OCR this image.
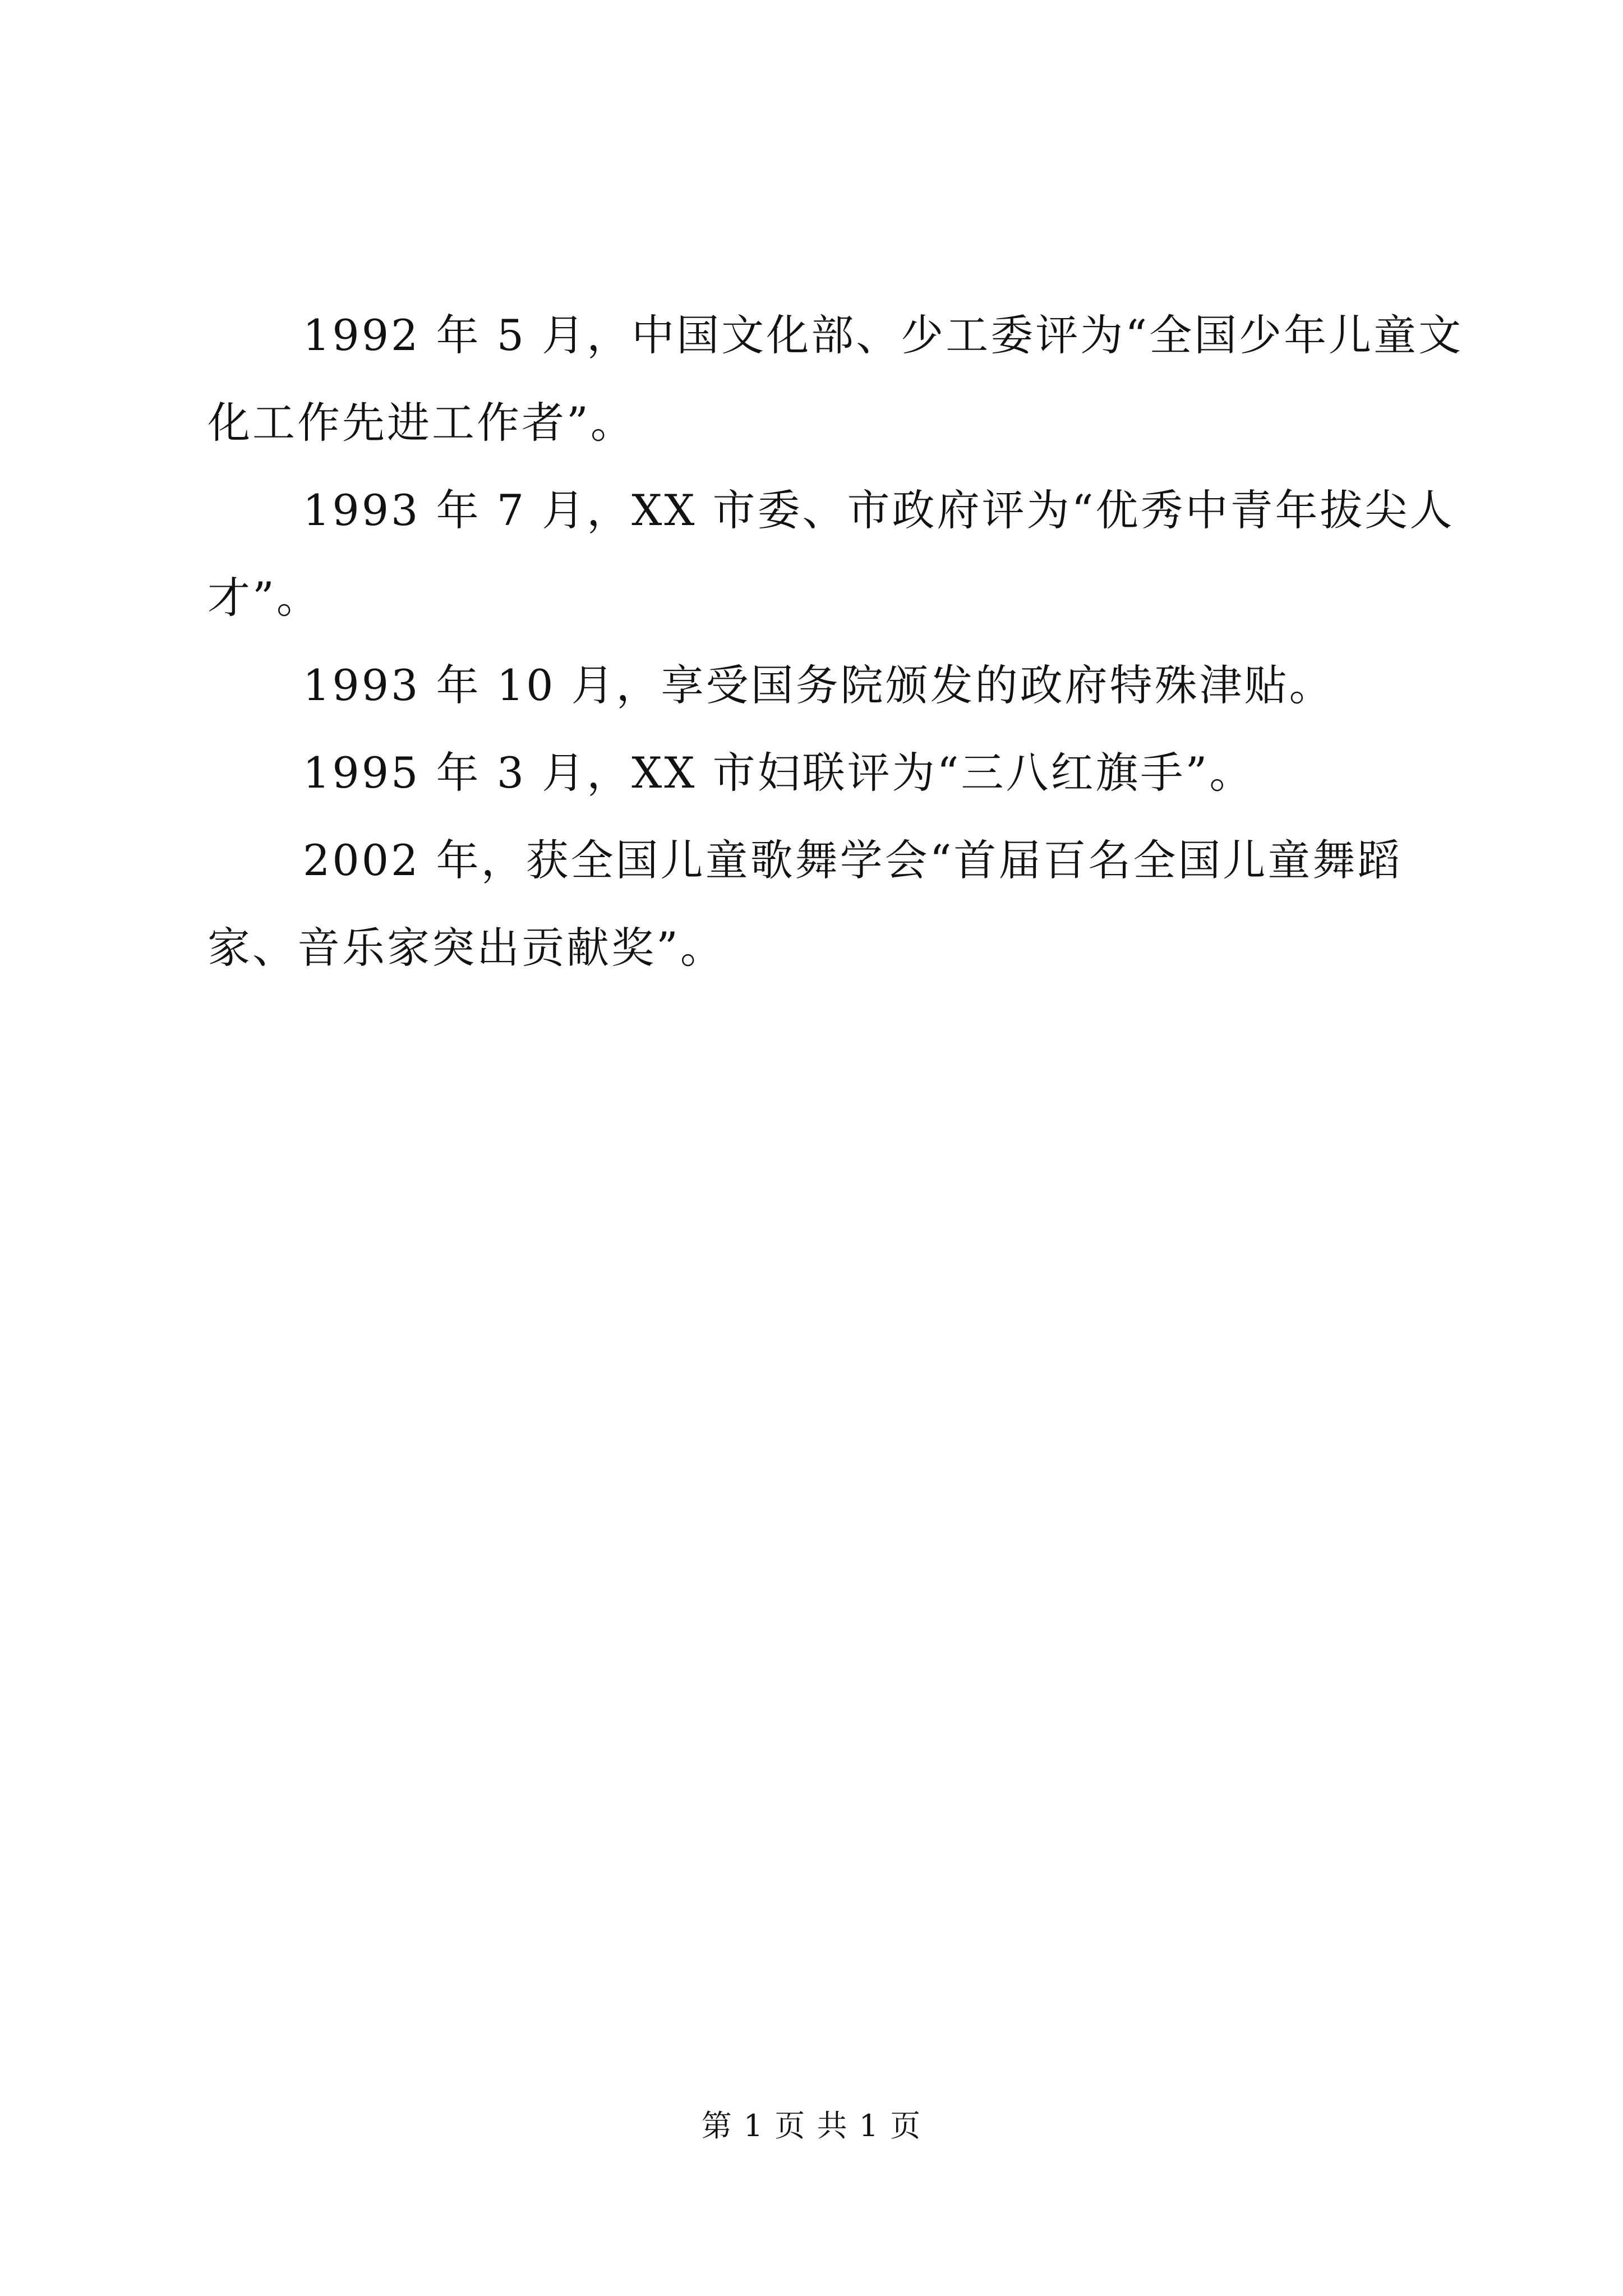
1992 年 5 月，中国文化部、少工委评为“全国少年儿童文化工作先进工作者”。

1993 年 7 月，XX 市委、市政府评为“优秀中青年拔尖人才”。

1993 年 10 月，享受国务院颁发的政府特殊津贴。

1995 年 3 月，XX 市妇联评为“三八红旗手”。

2002 年，获全国儿童歌舞学会“首届百名全国儿童舞蹈家、音乐家突出贡献奖”。

第 1 页 共 1 页
